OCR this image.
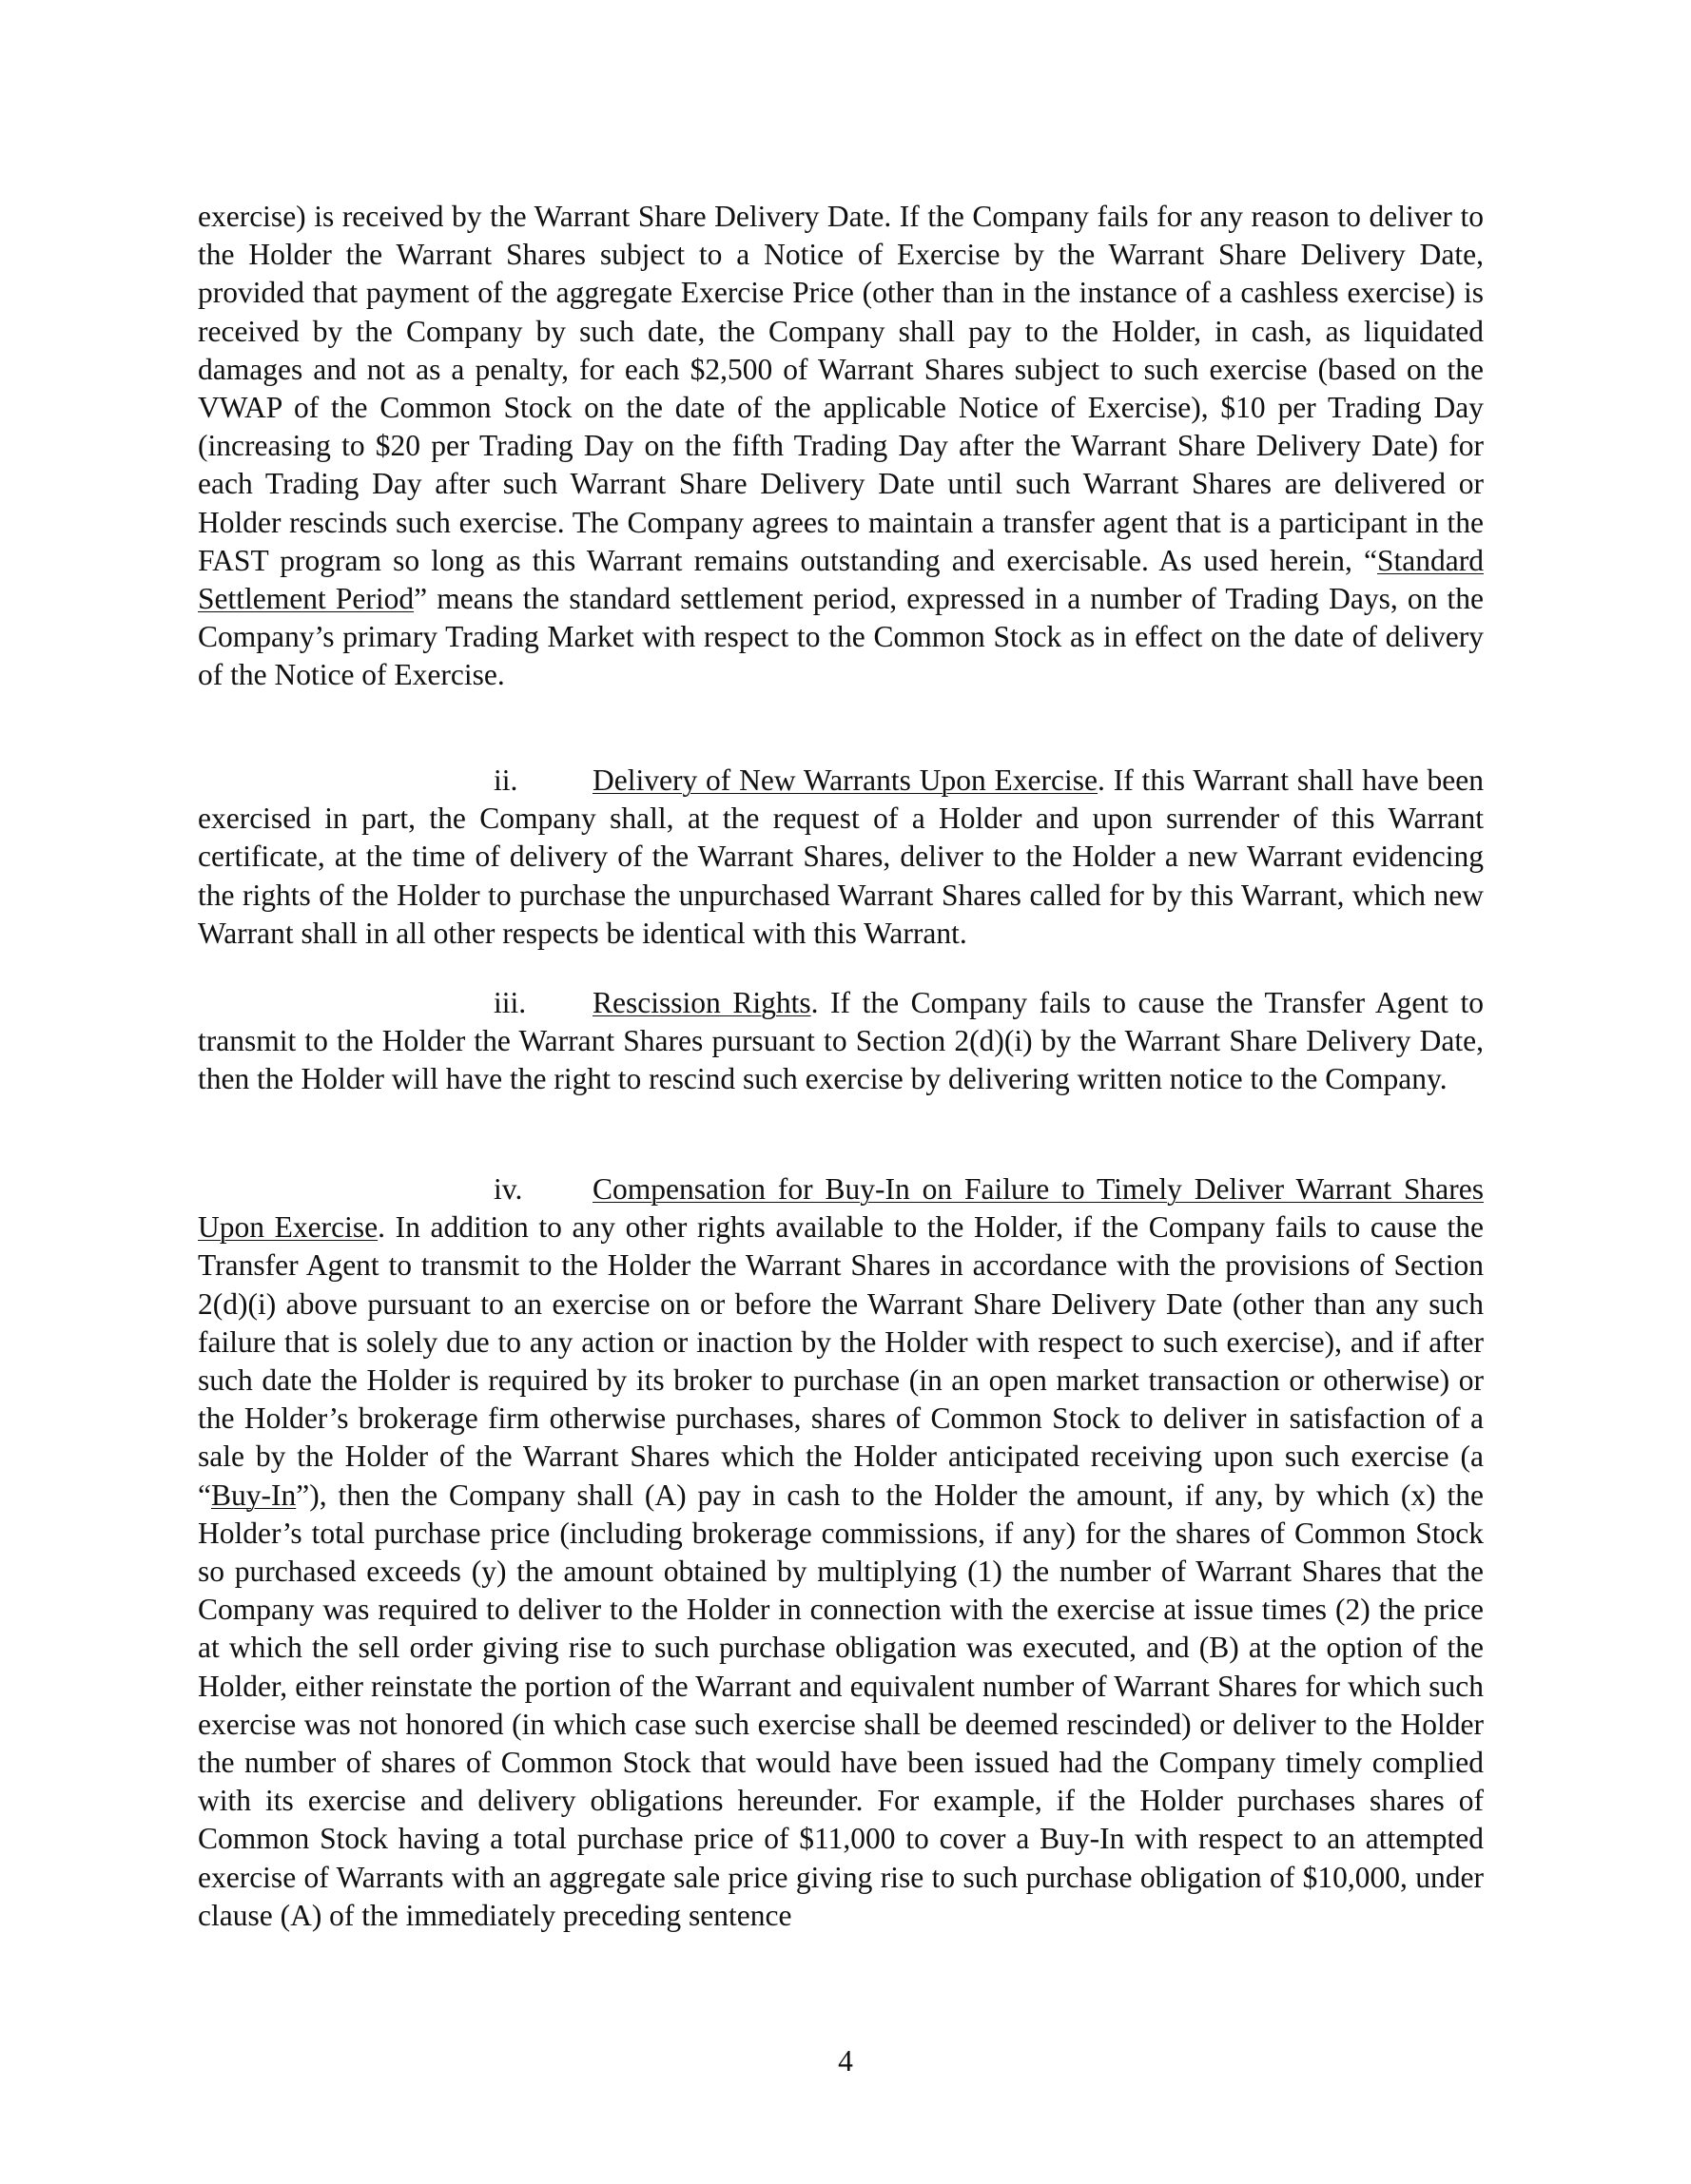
exercise) is received by the Warrant Share Delivery Date. If the Company fails for any reason to deliver to the Holder the Warrant Shares subject to a Notice of Exercise by the Warrant Share Delivery Date, provided that payment of the aggregate Exercise Price (other than in the instance of a cashless exercise) is received by the Company by such date, the Company shall pay to the Holder, in cash, as liquidated damages and not as a penalty, for each $2,500 of Warrant Shares subject to such exercise (based on the VWAP of the Common Stock on the date of the applicable Notice of Exercise), $10 per Trading Day (increasing to $20 per Trading Day on the fifth Trading Day after the Warrant Share Delivery Date) for each Trading Day after such Warrant Share Delivery Date until such Warrant Shares are delivered or Holder rescinds such exercise. The Company agrees to maintain a transfer agent that is a participant in the FAST program so long as this Warrant remains outstanding and exercisable. As used herein, “Standard Settlement Period” means the standard settlement period, expressed in a number of Trading Days, on the Company’s primary Trading Market with respect to the Common Stock as in effect on the date of delivery of the Notice of Exercise.
ii. Delivery of New Warrants Upon Exercise. If this Warrant shall have been exercised in part, the Company shall, at the request of a Holder and upon surrender of this Warrant certificate, at the time of delivery of the Warrant Shares, deliver to the Holder a new Warrant evidencing the rights of the Holder to purchase the unpurchased Warrant Shares called for by this Warrant, which new Warrant shall in all other respects be identical with this Warrant.
iii. Rescission Rights. If the Company fails to cause the Transfer Agent to transmit to the Holder the Warrant Shares pursuant to Section 2(d)(i) by the Warrant Share Delivery Date, then the Holder will have the right to rescind such exercise by delivering written notice to the Company.
iv. Compensation for Buy-In on Failure to Timely Deliver Warrant Shares Upon Exercise. In addition to any other rights available to the Holder, if the Company fails to cause the Transfer Agent to transmit to the Holder the Warrant Shares in accordance with the provisions of Section 2(d)(i) above pursuant to an exercise on or before the Warrant Share Delivery Date (other than any such failure that is solely due to any action or inaction by the Holder with respect to such exercise), and if after such date the Holder is required by its broker to purchase (in an open market transaction or otherwise) or the Holder’s brokerage firm otherwise purchases, shares of Common Stock to deliver in satisfaction of a sale by the Holder of the Warrant Shares which the Holder anticipated receiving upon such exercise (a “Buy-In”), then the Company shall (A) pay in cash to the Holder the amount, if any, by which (x) the Holder’s total purchase price (including brokerage commissions, if any) for the shares of Common Stock so purchased exceeds (y) the amount obtained by multiplying (1) the number of Warrant Shares that the Company was required to deliver to the Holder in connection with the exercise at issue times (2) the price at which the sell order giving rise to such purchase obligation was executed, and (B) at the option of the Holder, either reinstate the portion of the Warrant and equivalent number of Warrant Shares for which such exercise was not honored (in which case such exercise shall be deemed rescinded) or deliver to the Holder the number of shares of Common Stock that would have been issued had the Company timely complied with its exercise and delivery obligations hereunder. For example, if the Holder purchases shares of Common Stock having a total purchase price of $11,000 to cover a Buy-In with respect to an attempted exercise of Warrants with an aggregate sale price giving rise to such purchase obligation of $10,000, under clause (A) of the immediately preceding sentence
4
